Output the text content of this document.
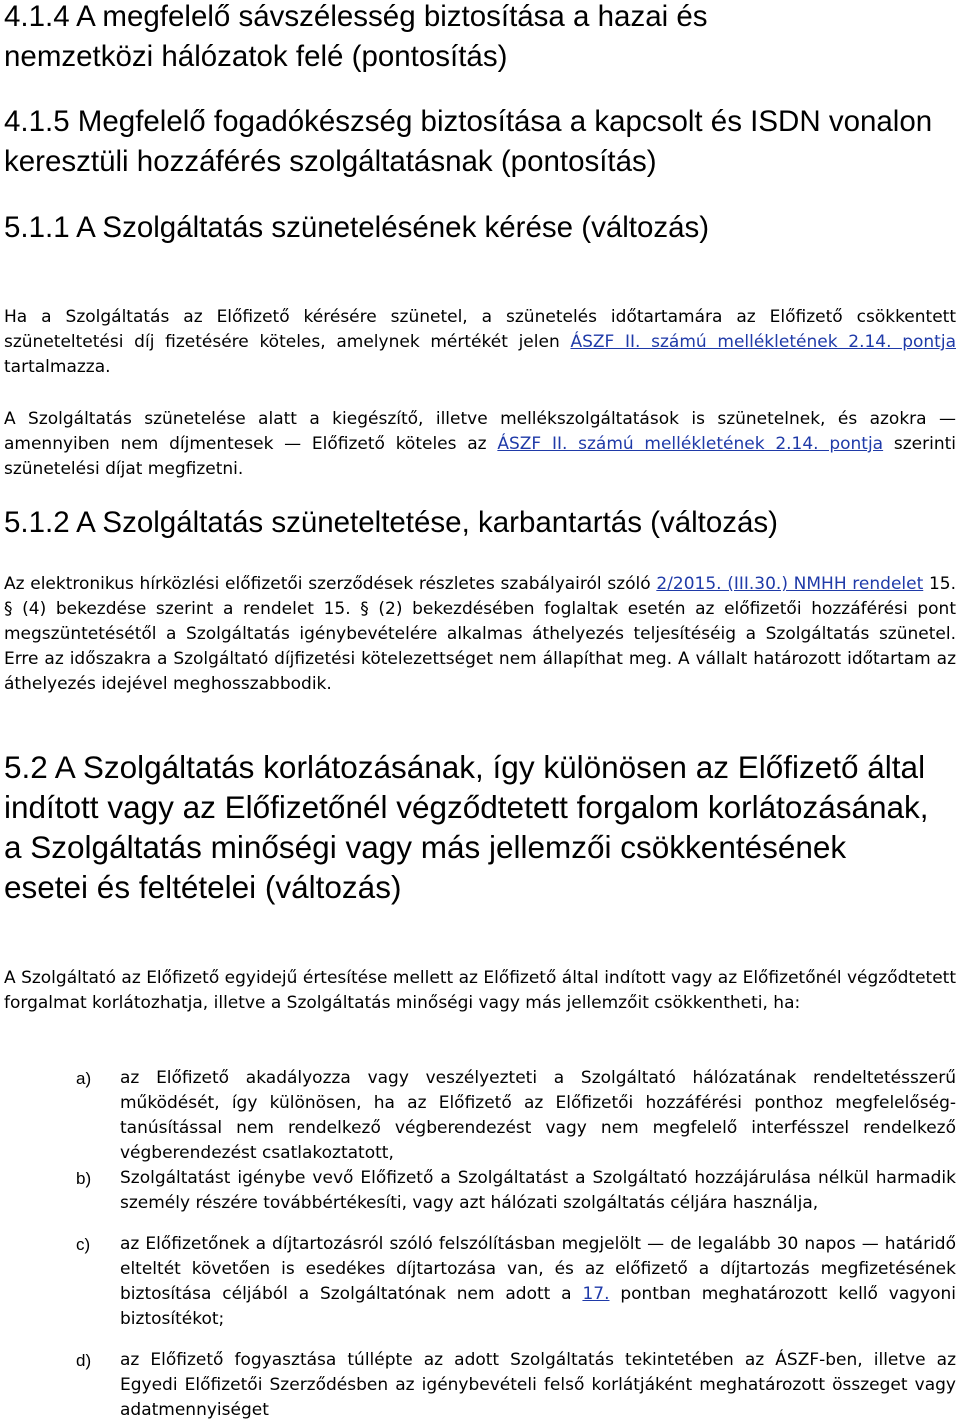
4.1.4 A megfelelő sávszélesség biztosítása a hazai és nemzetközi hálózatok felé (pontosítás)
4.1.5 Megfelelő fogadókészség biztosítása a kapcsolt és ISDN vonalon keresztüli hozzáférés szolgáltatásnak (pontosítás)
5.1.1 A Szolgáltatás szünetelésének kérése (változás)

Ha a Szolgáltatás az Előfizető kérésére szünetel, a szünetelés időtartamára az Előfizető csökkentett szüneteltetési díj fizetésére köteles, amelynek mértékét jelen ÁSZF II. számú mellékletének 2.14. pontja tartalmazza.

A Szolgáltatás szünetelése alatt a kiegészítő, illetve mellékszolgáltatások is szünetelnek, és azokra — amennyiben nem díjmentesek — Előfizető köteles az ÁSZF II. számú mellékletének 2.14. pontja szerinti szünetelési díjat megfizetni.

5.1.2 A Szolgáltatás szüneteltetése, karbantartás (változás)

Az elektronikus hírközlési előfizetői szerződések részletes szabályairól szóló 2/2015. (III.30.) NMHH rendelet 15. § (4) bekezdése szerint a rendelet 15. § (2) bekezdésében foglaltak esetén az előfizetői hozzáférési pont megszüntetésétől a Szolgáltatás igénybevételére alkalmas áthelyezés teljesítéséig a Szolgáltatás szünetel. Erre az időszakra a Szolgáltató díjfizetési kötelezettséget nem állapíthat meg. A vállalt határozott időtartam az áthelyezés idejével meghosszabbodik.

5.2 A Szolgáltatás korlátozásának, így különösen az Előfizető által indított vagy az Előfizetőnél végződtetett forgalom korlátozásának, a Szolgáltatás minőségi vagy más jellemzői csökkentésének esetei és feltételei (változás)

A Szolgáltató az Előfizető egyidejű értesítése mellett az Előfizető által indított vagy az Előfizetőnél végződtetett forgalmat korlátozhatja, illetve a Szolgáltatás minőségi vagy más jellemzőit csökkentheti, ha:

a)	az Előfizető akadályozza vagy veszélyezteti a Szolgáltató hálózatának rendeltetésszerű működését, így különösen, ha az Előfizető az Előfizetői hozzáférési ponthoz megfelelőség-tanúsítással nem rendelkező végberendezést vagy nem megfelelő interfésszel rendelkező végberendezést csatlakoztatott,
b)	Szolgáltatást igénybe vevő Előfizető a Szolgáltatást a Szolgáltató hozzájárulása nélkül harmadik személy részére továbbértékesíti, vagy azt hálózati szolgáltatás céljára használja,
c)	az Előfizetőnek a díjtartozásról szóló felszólításban megjelölt — de legalább 30 napos — határidő elteltét követően is esedékes díjtartozása van, és az előfizető a díjtartozás megfizetésének biztosítása céljából a Szolgáltatónak nem adott a 17. pontban meghatározott kellő vagyoni biztosítékot;
d)	az Előfizető fogyasztása túllépte az adott Szolgáltatás tekintetében az ÁSZF-ben, illetve az Egyedi Előfizetői Szerződésben az igénybevételi felső korlátjáként meghatározott összeget vagy adatmennyiséget
